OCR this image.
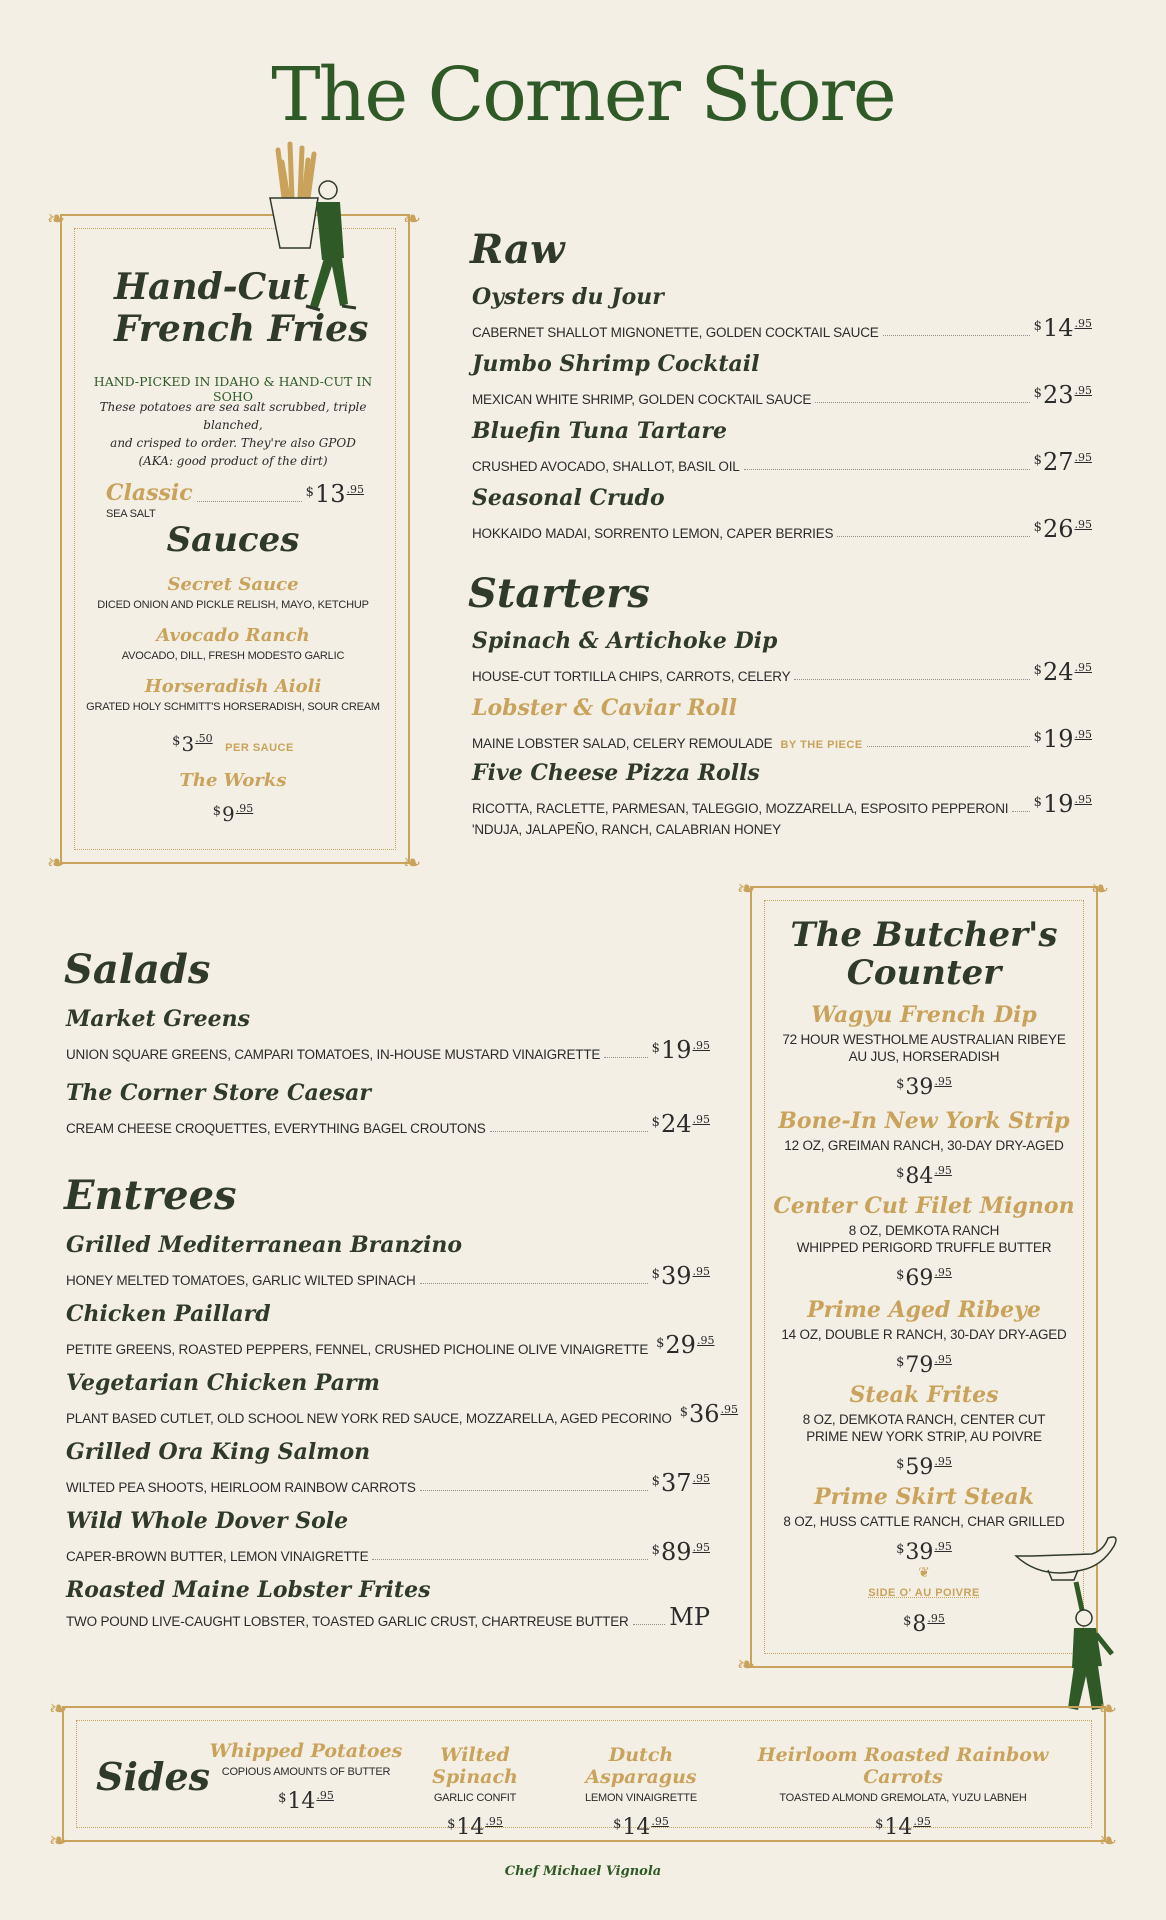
The Corner Store
❧	❧
❧	❧
Hand-Cut
French Fries
HAND-PICKED IN IDAHO & HAND-CUT IN SOHO
These potatoes are sea salt scrubbed, triple blanched,
and crisped to order. They're also GPOD
(AKA: good product of the dirt)
Classic	$^{\$}13^{.95}$
SEA SALT
Sauces
Secret Sauce
DICED ONION AND PICKLE RELISH, MAYO, KETCHUP
Avocado Ranch
AVOCADO, DILL, FRESH MODESTO GARLIC
Horseradish Aioli
GRATED HOLY SCHMITT'S HORSERADISH, SOUR CREAM
$^{\$}3^{.50}$ PER SAUCE
The Works
$^{\$}9^{.95}$
Raw
Oysters du Jour
CABERNET SHALLOT MIGNONETTE, GOLDEN COCKTAIL SAUCE	$^{\$}14^{.95}$
Jumbo Shrimp Cocktail
MEXICAN WHITE SHRIMP, GOLDEN COCKTAIL SAUCE	$^{\$}23^{.95}$
Bluefin Tuna Tartare
CRUSHED AVOCADO, SHALLOT, BASIL OIL	$^{\$}27^{.95}$
Seasonal Crudo
HOKKAIDO MADAI, SORRENTO LEMON, CAPER BERRIES	$^{\$}26^{.95}$
Starters
Spinach & Artichoke Dip
HOUSE-CUT TORTILLA CHIPS, CARROTS, CELERY	$^{\$}24^{.95}$
Lobster & Caviar Roll
MAINE LOBSTER SALAD, CELERY REMOULADE BY THE PIECE	$^{\$}19^{.95}$
Five Cheese Pizza Rolls
RICOTTA, RACLETTE, PARMESAN, TALEGGIO, MOZZARELLA, ESPOSITO PEPPERONI $^{\$}19^{.95}$
'NDUJA, JALAPEÑO, RANCH, CALABRIAN HONEY
Salads
Market Greens
UNION SQUARE GREENS, CAMPARI TOMATOES, IN-HOUSE MUSTARD VINAIGRETTE	$^{\$}19^{.95}$
The Corner Store Caesar
CREAM CHEESE CROQUETTES, EVERYTHING BAGEL CROUTONS	$^{\$}24^{.95}$
Entrees
Grilled Mediterranean Branzino
HONEY MELTED TOMATOES, GARLIC WILTED SPINACH	$^{\$}39^{.95}$
Chicken Paillard
PETITE GREENS, ROASTED PEPPERS, FENNEL, CRUSHED PICHOLINE OLIVE VINAIGRETTE $^{\$}29^{.95}$
Vegetarian Chicken Parm
PLANT BASED CUTLET, OLD SCHOOL NEW YORK RED SAUCE, MOZZARELLA, AGED PECORINO $^{\$}36^{.95}$
Grilled Ora King Salmon
WILTED PEA SHOOTS, HEIRLOOM RAINBOW CARROTS	$^{\$}37^{.95}$
Wild Whole Dover Sole
CAPER-BROWN BUTTER, LEMON VINAIGRETTE	$^{\$}89^{.95}$
Roasted Maine Lobster Frites
TWO POUND LIVE-CAUGHT LOBSTER, TOASTED GARLIC CRUST, CHARTREUSE BUTTER MP
❧	❧
❧
The Butcher's
Counter
Wagyu French Dip
72 HOUR WESTHOLME AUSTRALIAN RIBEYE
AU JUS, HORSERADISH
$^{\$}39^{.95}$
Bone-In New York Strip
12 OZ, GREIMAN RANCH, 30-DAY DRY-AGED
$^{\$}84^{.95}$
Center Cut Filet Mignon
8 OZ, DEMKOTA RANCH
WHIPPED PERIGORD TRUFFLE BUTTER
$^{\$}69^{.95}$
Prime Aged Ribeye
14 OZ, DOUBLE R RANCH, 30-DAY DRY-AGED
$^{\$}79^{.95}$
Steak Frites
8 OZ, DEMKOTA RANCH, CENTER CUT
PRIME NEW YORK STRIP, AU POIVRE
$^{\$}59^{.95}$
Prime Skirt Steak
8 OZ, HUSS CATTLE RANCH, CHAR GRILLED
$^{\$}39^{.95}$
❦
SIDE O' AU POIVRE
$^{\$}8^{.95}$
❧	❧
❧	❧
Sides
Whipped Potatoes
COPIOUS AMOUNTS OF BUTTER
$^{\$}14^{.95}$
Wilted Spinach
GARLIC CONFIT
$^{\$}14^{.95}$
Dutch Asparagus
LEMON VINAIGRETTE
$^{\$}14^{.95}$
Heirloom Roasted Rainbow Carrots
TOASTED ALMOND GREMOLATA, YUZU LABNEH
$^{\$}14^{.95}$
Chef Michael Vignola
